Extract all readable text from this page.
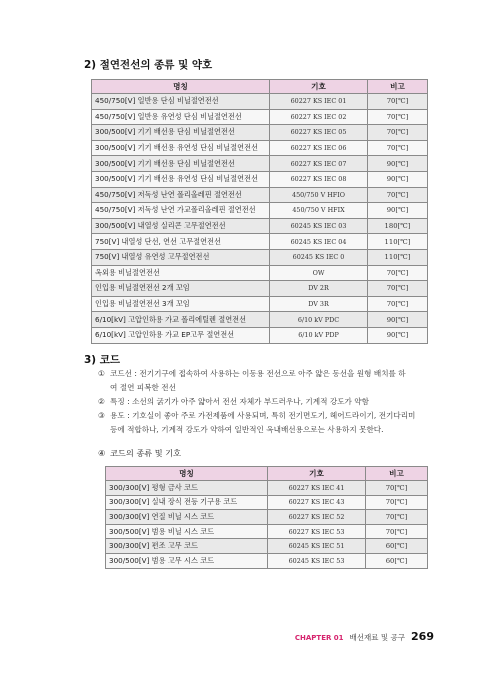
2) 절연전선의 종류 및 약호
명칭	기호	비고
450/750[V] 일반용 단심 비닐절연전선	60227 KS IEC 01	70[℃]
450/750[V] 일반용 유연성 단심 비닐절연전선	60227 KS IEC 02	70[℃]
300/500[V] 기기 배선용 단심 비닐절연전선	60227 KS IEC 05	70[℃]
300/500[V] 기기 배선용 유연성 단심 비닐절연전선	60227 KS IEC 06	70[℃]
300/500[V] 기기 배선용 단심 비닐절연전선	60227 KS IEC 07	90[℃]
300/500[V] 기기 배선용 유연성 단심 비닐절연전선	60227 KS IEC 08	90[℃]
450/750[V] 저독성 난연 폴리올레핀 절연전선	450/750 V HFIO	70[℃]
450/750[V] 저독성 난연 가교폴리올레핀 절연전선	450/750 V HFIX	90[℃]
300/500[V] 내열성 실리콘 고무절연전선	60245 KS IEC 03	180[℃]
750[V] 내열성 단선, 연선 고무절연전선	60245 KS IEC 04	110[℃]
750[V] 내열성 유연성 고무절연전선	60245 KS IEC 0	110[℃]
옥외용 비닐절연전선	OW	70[℃]
인입용 비닐절연전선 2개 꼬임	DV 2R	70[℃]
인입용 비닐절연전선 3개 꼬임	DV 3R	70[℃]
6/10[kV] 고압인하용 가교 폴리에틸렌 절연전선	6/10 kV PDC	90[℃]
6/10[kV] 고압인하용 가교 EP고무 절연전선	6/10 kV PDP	90[℃]
3) 코드
① 코드선 : 전기기구에 접속하여 사용하는 이동용 전선으로 아주 얇은 동선을 원형 배치를 하
여 절연 피복한 전선
② 특징 : 소선의 굵기가 아주 얇아서 전선 자체가 부드러우나, 기계적 강도가 약함
③ 용도 : 기호실이 좋아 주로 가전제품에 사용되며, 특히 전기면도기, 헤어드라이기, 전기다리미
등에 적합하나, 기계적 강도가 약하여 일반적인 옥내배선용으로는 사용하지 못한다.
④ 코드의 종류 및 기호
명칭	기호	비고
300/300[V] 평형 금사 코드	60227 KS IEC 41	70[℃]
300/300[V] 실내 장식 전등 기구용 코드	60227 KS IEC 43	70[℃]
300/300[V] 연질 비닐 시스 코드	60227 KS IEC 52	70[℃]
300/500[V] 범용 비닐 시스 코드	60227 KS IEC 53	70[℃]
300/300[V] 편조 고무 코드	60245 KS IEC 51	60[℃]
300/500[V] 범용 고무 시스 코드	60245 KS IEC 53	60[℃]
CHAPTER 01 배선재료 및 공구 269
